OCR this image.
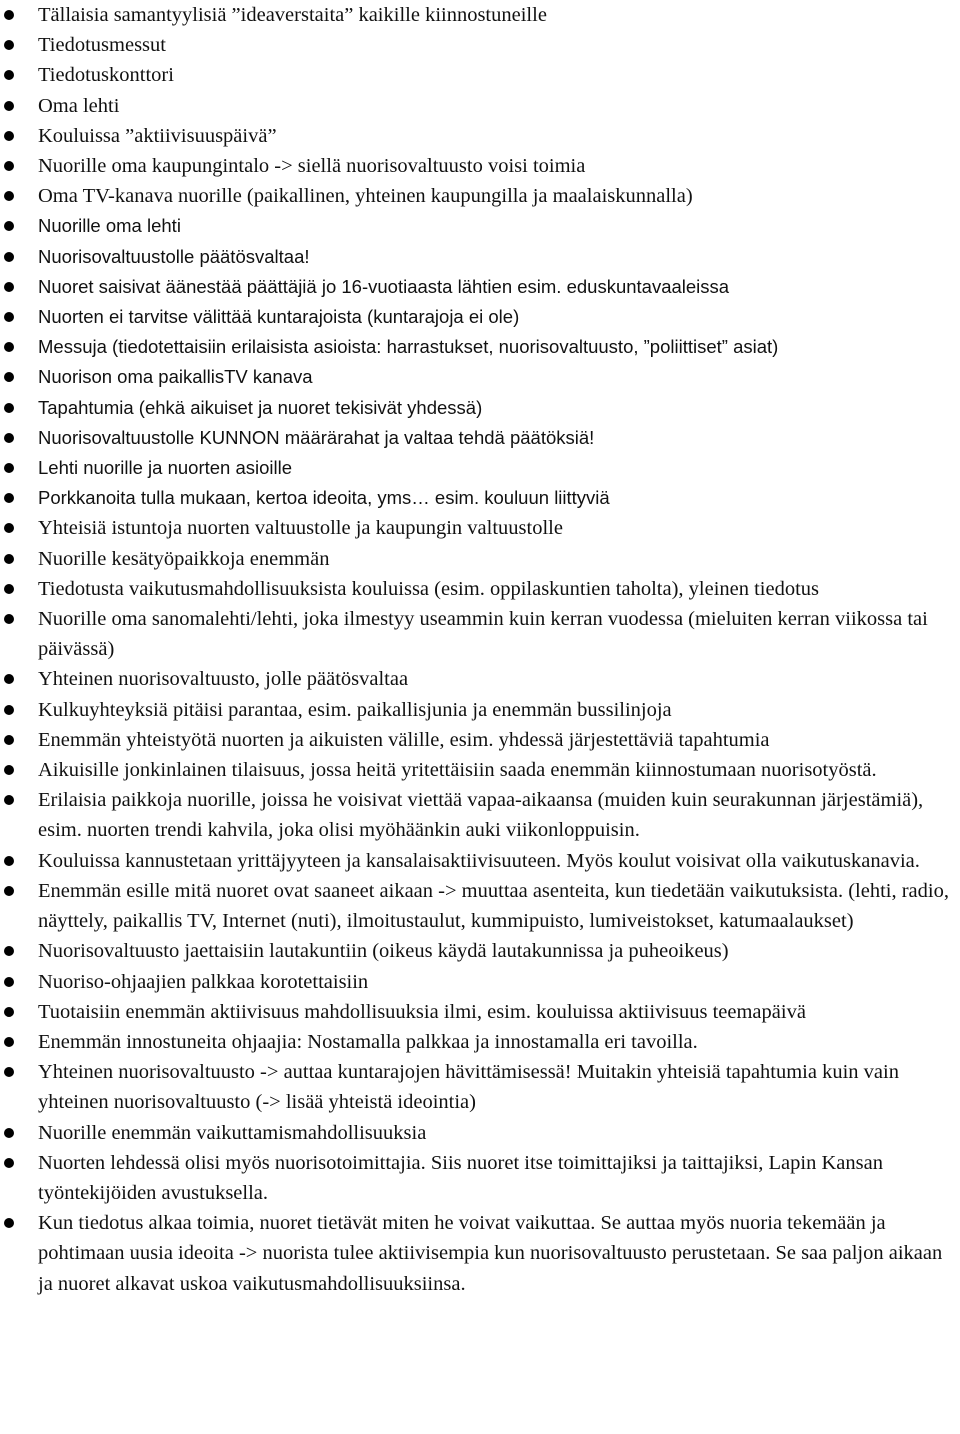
Tällaisia samantyylisiä ”ideaverstaita” kaikille kiinnostuneille
Tiedotusmessut
Tiedotuskonttori
Oma lehti
Kouluissa ”aktiivisuuspäivä”
Nuorille oma kaupungintalo -> siellä nuorisovaltuusto voisi toimia
Oma TV-kanava nuorille (paikallinen, yhteinen kaupungilla ja maalaiskunnalla)
Nuorille oma lehti
Nuorisovaltuustolle päätösvaltaa!
Nuoret saisivat äänestää päättäjiä jo 16-vuotiaasta lähtien esim. eduskuntavaaleissa
Nuorten ei tarvitse välittää kuntarajoista (kuntarajoja ei ole)
Messuja (tiedotettaisiin erilaisista asioista: harrastukset, nuorisovaltuusto, ”poliittiset” asiat)
Nuorison oma paikallisTV kanava
Tapahtumia (ehkä aikuiset ja nuoret tekisivät yhdessä)
Nuorisovaltuustolle KUNNON määrärahat ja valtaa tehdä päätöksiä!
Lehti nuorille ja nuorten asioille
Porkkanoita tulla mukaan, kertoa ideoita, yms… esim. kouluun liittyviä
Yhteisiä istuntoja nuorten valtuustolle ja kaupungin valtuustolle
Nuorille kesätyöpaikkoja enemmän
Tiedotusta vaikutusmahdollisuuksista kouluissa (esim. oppilaskuntien taholta), yleinen tiedotus
Nuorille oma sanomalehti/lehti, joka ilmestyy useammin kuin kerran vuodessa (mieluiten kerran viikossa tai päivässä)
Yhteinen nuorisovaltuusto, jolle päätösvaltaa
Kulkuyhteyksiä pitäisi parantaa, esim. paikallisjunia ja enemmän bussilinjoja
Enemmän yhteistyötä nuorten ja aikuisten välille, esim. yhdessä järjestettäviä tapahtumia
Aikuisille jonkinlainen tilaisuus, jossa heitä yritettäisiin saada enemmän kiinnostumaan nuorisotyöstä.
Erilaisia paikkoja nuorille, joissa he voisivat viettää vapaa-aikaansa (muiden kuin seurakunnan järjestämiä), esim. nuorten trendi kahvila, joka olisi myöhäänkin auki viikonloppuisin.
Kouluissa kannustetaan yrittäjyyteen ja kansalaisaktiivisuuteen. Myös koulut voisivat olla vaikutuskanavia.
Enemmän esille mitä nuoret ovat saaneet aikaan -> muuttaa asenteita, kun tiedetään vaikutuksista. (lehti, radio, näyttely, paikallis TV, Internet (nuti), ilmoitustaulut, kummipuisto, lumiveistokset, katumaalaukset)
Nuorisovaltuusto jaettaisiin lautakuntiin (oikeus käydä lautakunnissa ja puheoikeus)
Nuoriso-ohjaajien palkkaa korotettaisiin
Tuotaisiin enemmän aktiivisuus mahdollisuuksia ilmi, esim. kouluissa aktiivisuus teemapäivä
Enemmän innostuneita ohjaajia: Nostamalla palkkaa ja innostamalla eri tavoilla.
Yhteinen nuorisovaltuusto -> auttaa kuntarajojen hävittämisessä! Muitakin yhteisiä tapahtumia kuin vain yhteinen nuorisovaltuusto (-> lisää yhteistä ideointia)
Nuorille enemmän vaikuttamismahdollisuuksia
Nuorten lehdessä olisi myös nuorisotoimittajia. Siis nuoret itse toimittajiksi ja taittajiksi, Lapin Kansan työntekijöiden avustuksella.
Kun tiedotus alkaa toimia, nuoret tietävät miten he voivat vaikuttaa. Se auttaa myös nuoria tekemään ja pohtimaan uusia ideoita -> nuorista tulee aktiivisempia kun nuorisovaltuusto perustetaan. Se saa paljon aikaan ja nuoret alkavat uskoa vaikutusmahdollisuuksiinsa.
